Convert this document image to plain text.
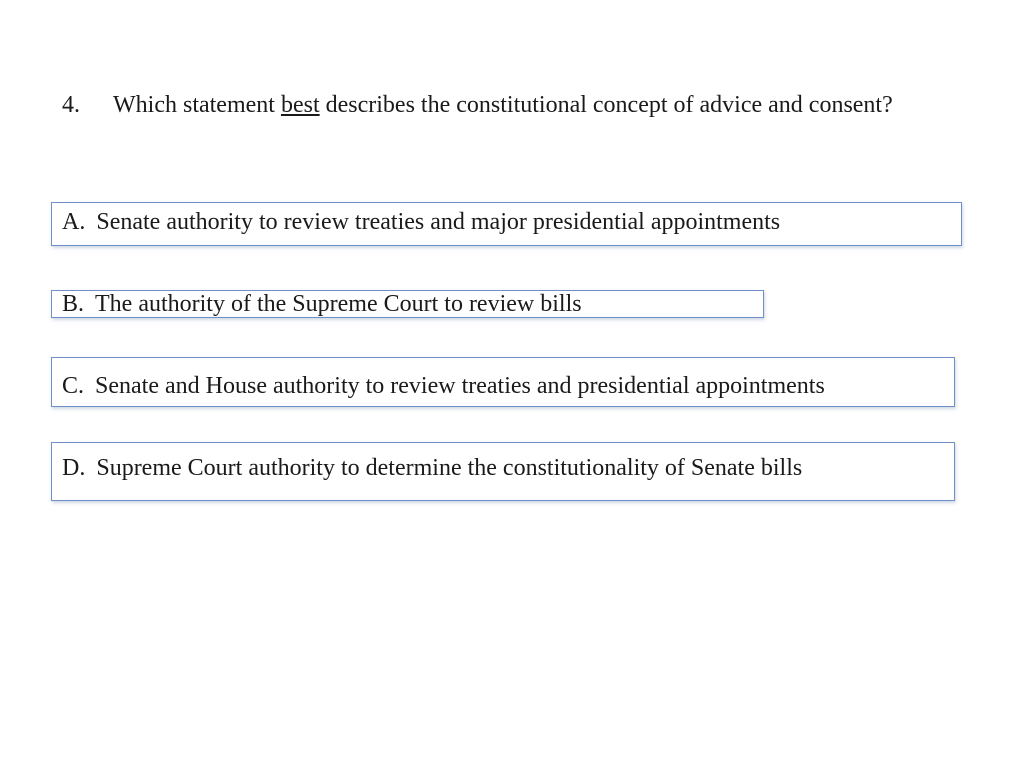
4.	Which statement best describes the constitutional concept of advice and consent?
A. Senate authority to review treaties and major presidential appointments
B. The authority of the Supreme Court to review bills
C. Senate and House authority to review treaties and presidential appointments
D. Supreme Court authority to determine the constitutionality of Senate bills
